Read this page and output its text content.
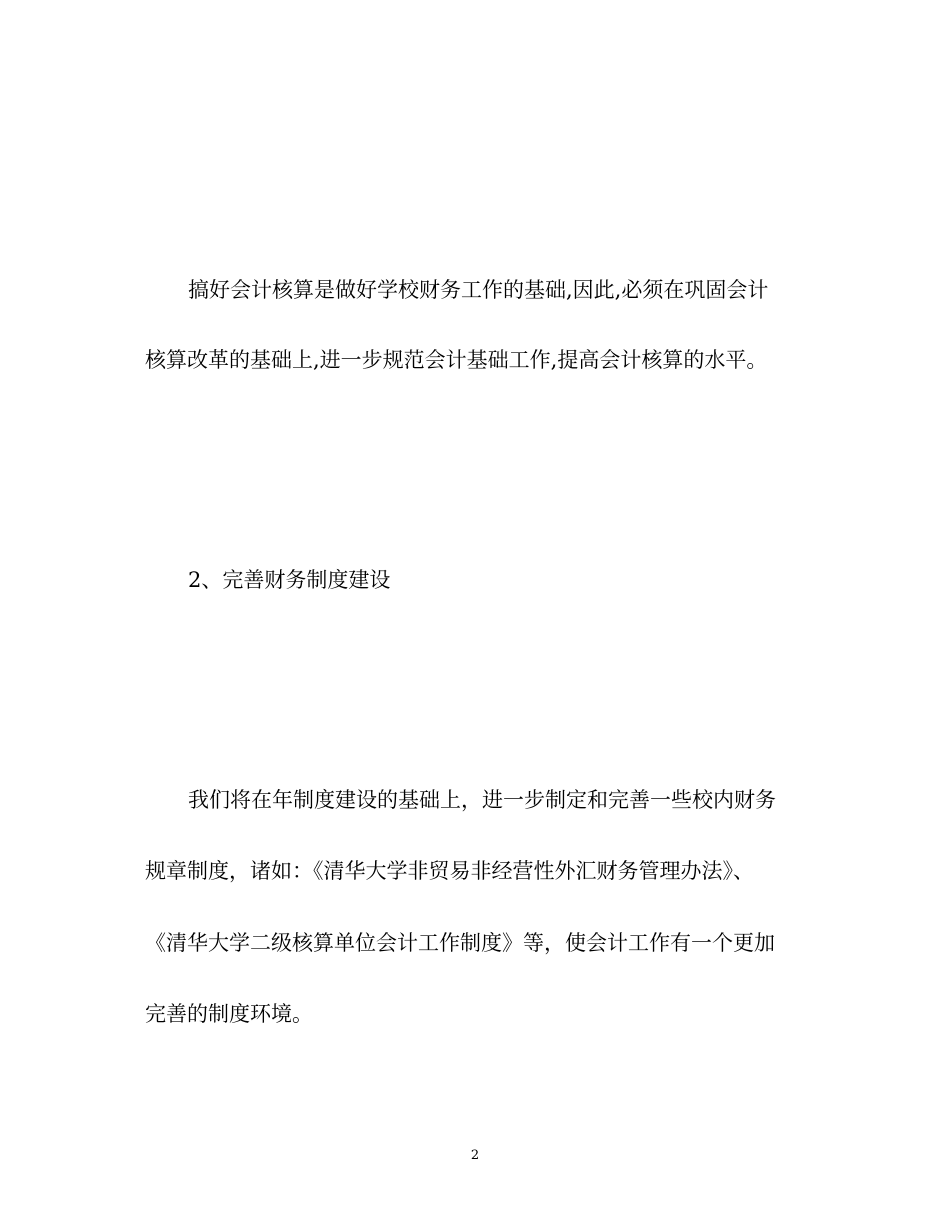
搞好会计核算是做好学校财务工作的基础,因此,必须在巩固会计
核算改革的基础上,进一步规范会计基础工作,提高会计核算的水平。
2、完善财务制度建设
我们将在年制度建设的基础上，进一步制定和完善一些校内财务
规章制度，诸如：《清华大学非贸易非经营性外汇财务管理办法》、
《清华大学二级核算单位会计工作制度》等，使会计工作有一个更加
完善的制度环境。
2
